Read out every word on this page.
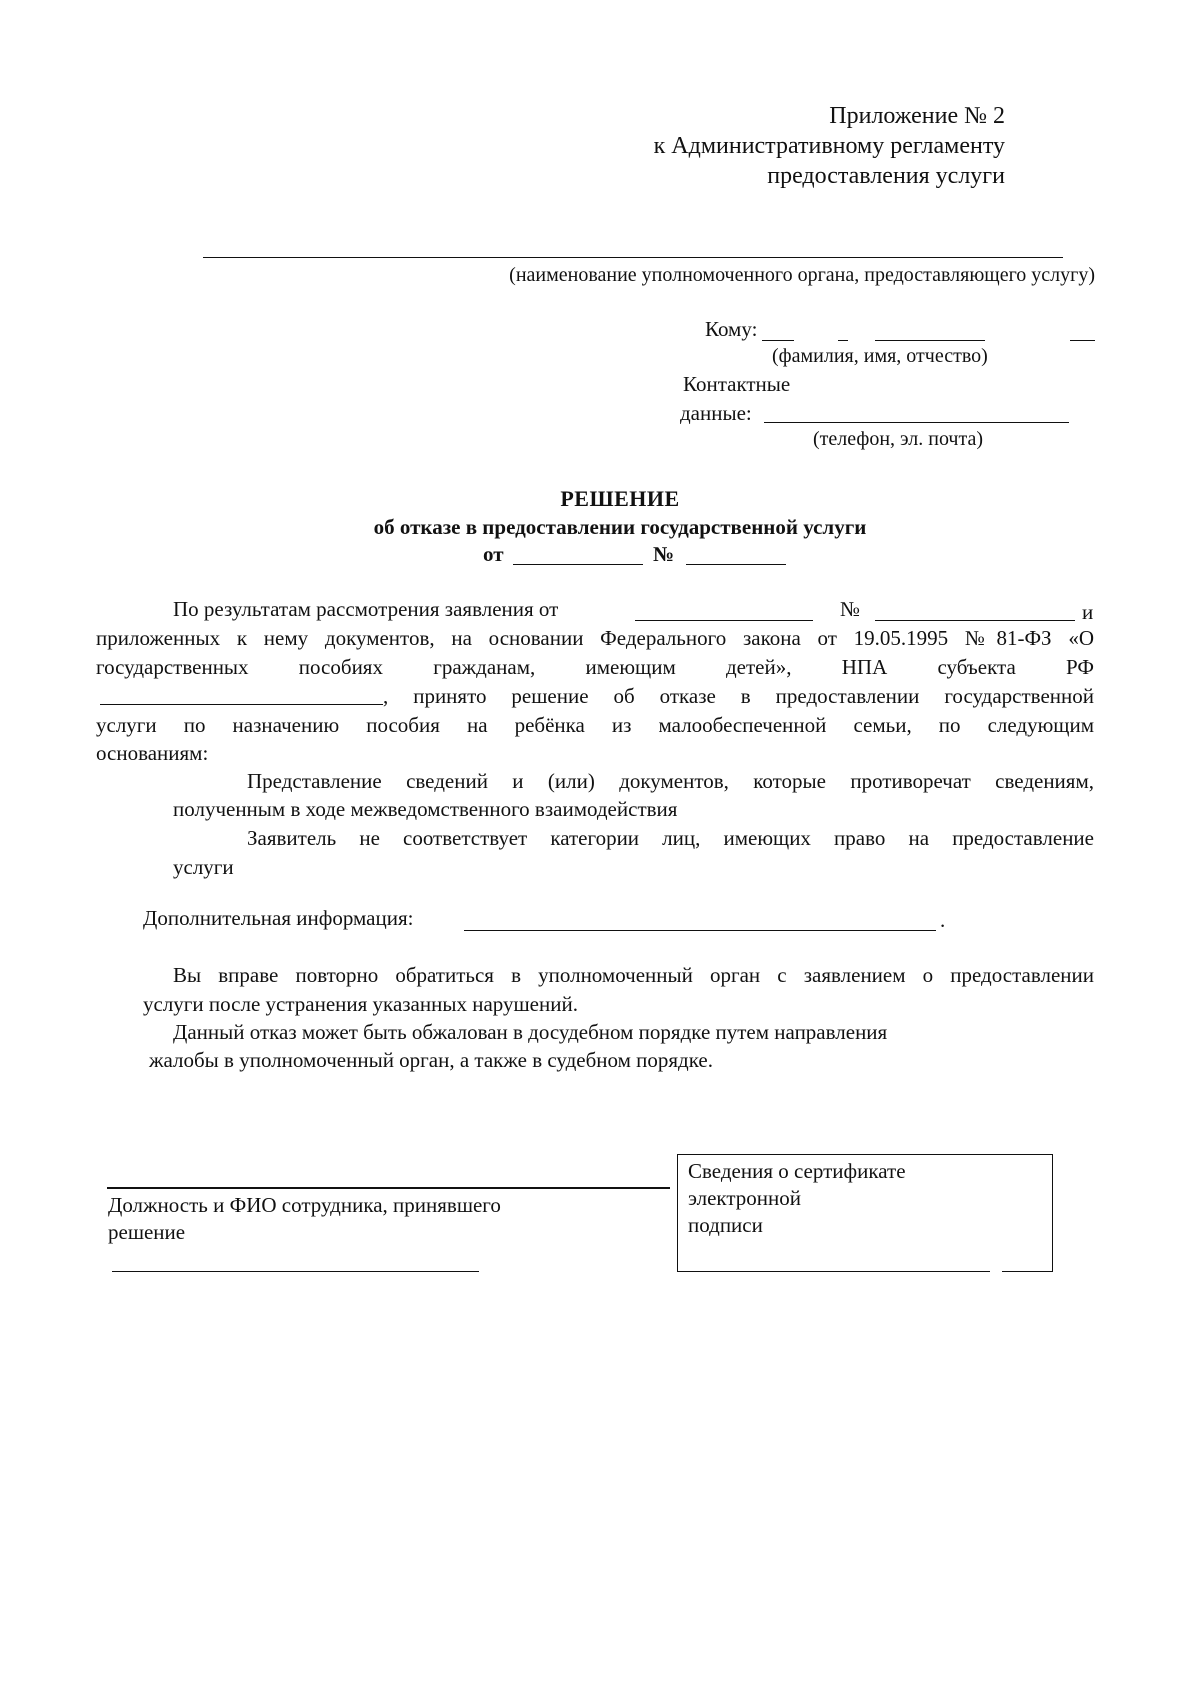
Приложение № 2
к Административному регламенту
предоставления услуги
(наименование уполномоченного органа, предоставляющего услугу)
Кому:
(фамилия, имя, отчество)
Контактные
данные:
(телефон, эл. почта)
РЕШЕНИЕ
об отказе в предоставлении государственной услуги
от	№
По результатам рассмотрения заявления от	№	и
приложенных к нему документов, на основании Федерального закона от 19.05.1995 №81-ФЗ «О
государственных пособиях гражданам, имеющим детей», НПА субъекта РФ
, принято решение об отказе в предоставлении государственной
услуги по назначению пособия на ребёнка из малообеспеченной семьи, по следующим
основаниям:
Представление сведений и (или) документов, которые противоречат сведениям,
полученным в ходе межведомственного взаимодействия
Заявитель не соответствует категории лиц, имеющих право на предоставление
услуги
Дополнительная информация:	.
Вы вправе повторно обратиться в уполномоченный орган с заявлением о предоставлении
услуги после устранения указанных нарушений.
Данный отказ может быть обжалован в досудебном порядке путем направления
жалобы в уполномоченный орган, а также в судебном порядке.
Должность и ФИО сотрудника, принявшего
решение
Сведения о сертификате
электронной
подписи
